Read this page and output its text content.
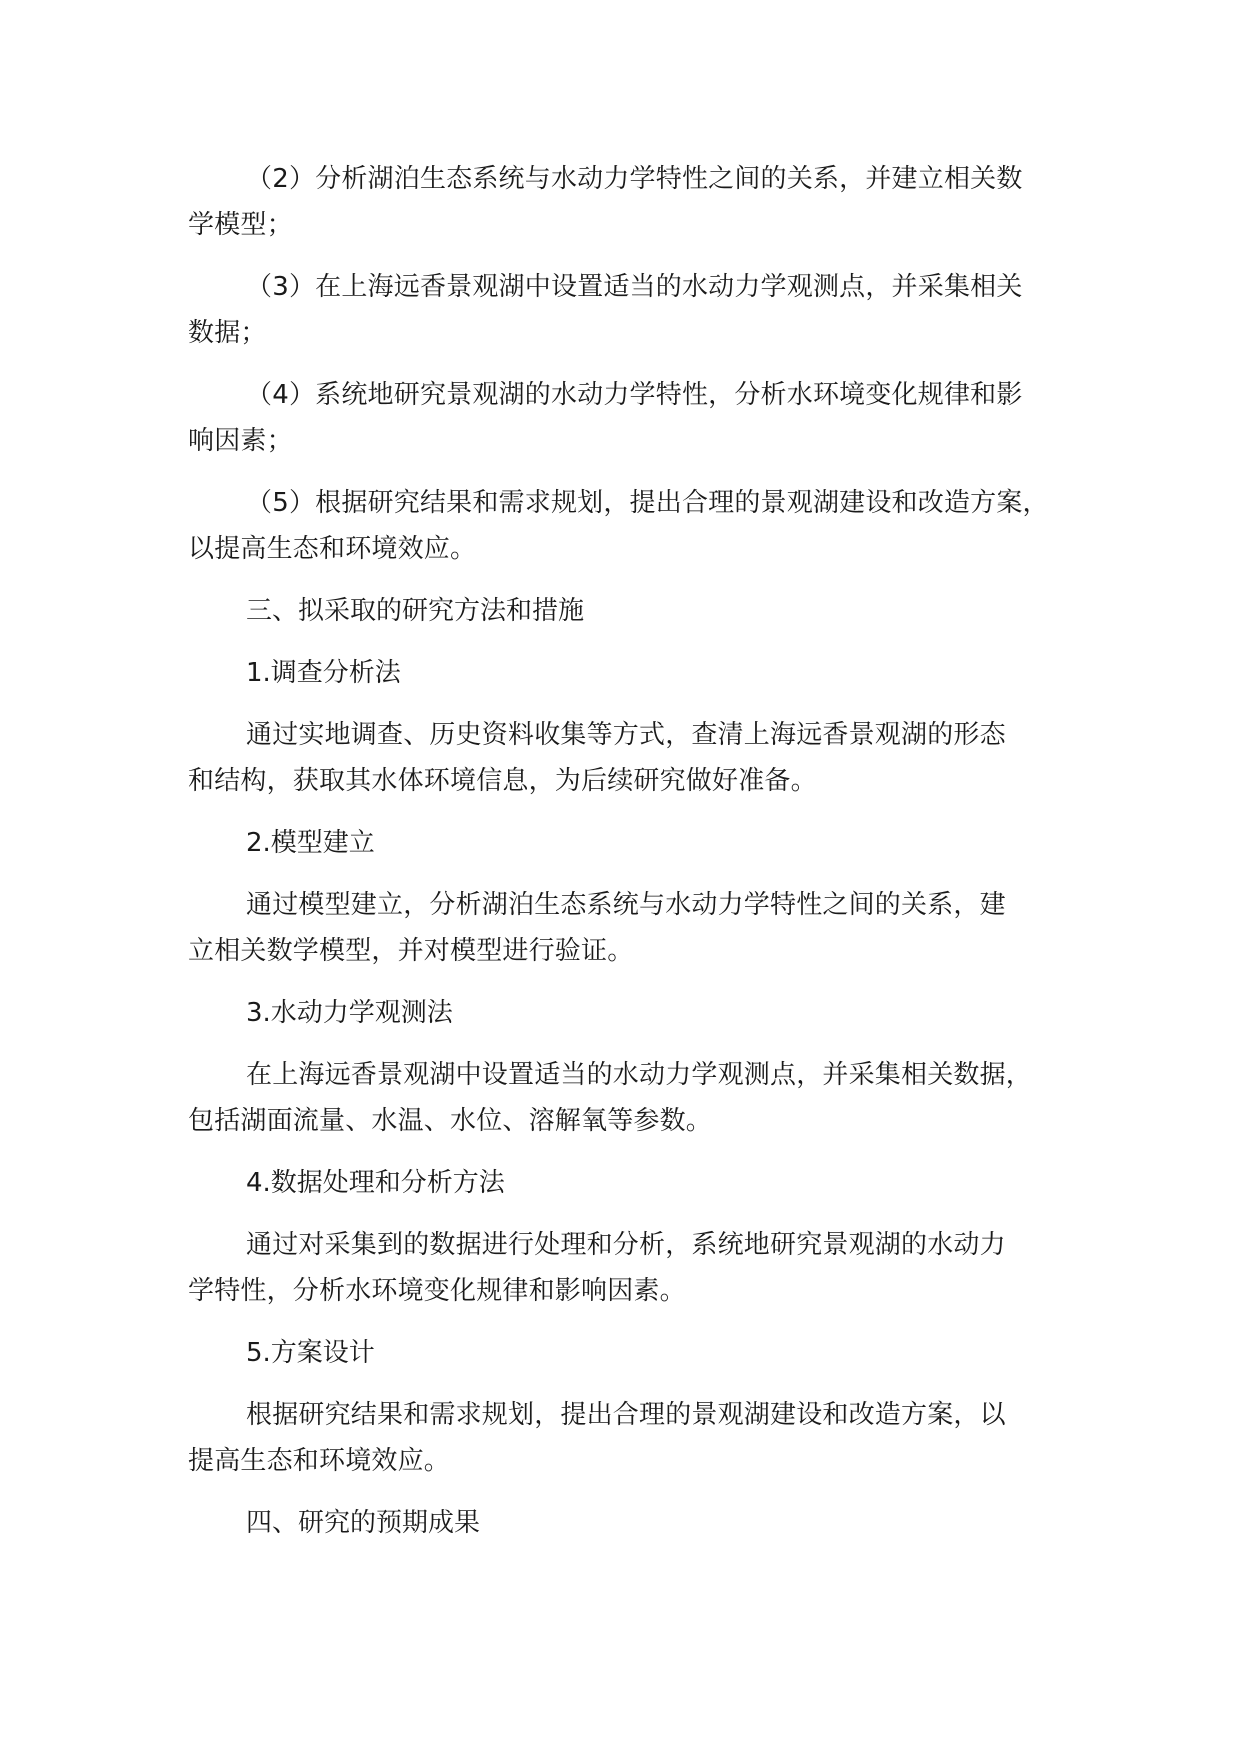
（2）分析湖泊生态系统与水动力学特性之间的关系，并建立相关数
学模型；

（3）在上海远香景观湖中设置适当的水动力学观测点，并采集相关
数据；

（4）系统地研究景观湖的水动力学特性，分析水环境变化规律和影
响因素；

（5）根据研究结果和需求规划，提出合理的景观湖建设和改造方案，
以提高生态和环境效应。

三、拟采取的研究方法和措施
1.调查分析法

通过实地调查、历史资料收集等方式，查清上海远香景观湖的形态
和结构，获取其水体环境信息，为后续研究做好准备。

2.模型建立

通过模型建立，分析湖泊生态系统与水动力学特性之间的关系，建
立相关数学模型，并对模型进行验证。

3.水动力学观测法

在上海远香景观湖中设置适当的水动力学观测点，并采集相关数据，
包括湖面流量、水温、水位、溶解氧等参数。

4.数据处理和分析方法

通过对采集到的数据进行处理和分析，系统地研究景观湖的水动力
学特性，分析水环境变化规律和影响因素。

5.方案设计

根据研究结果和需求规划，提出合理的景观湖建设和改造方案，以
提高生态和环境效应。

四、研究的预期成果
